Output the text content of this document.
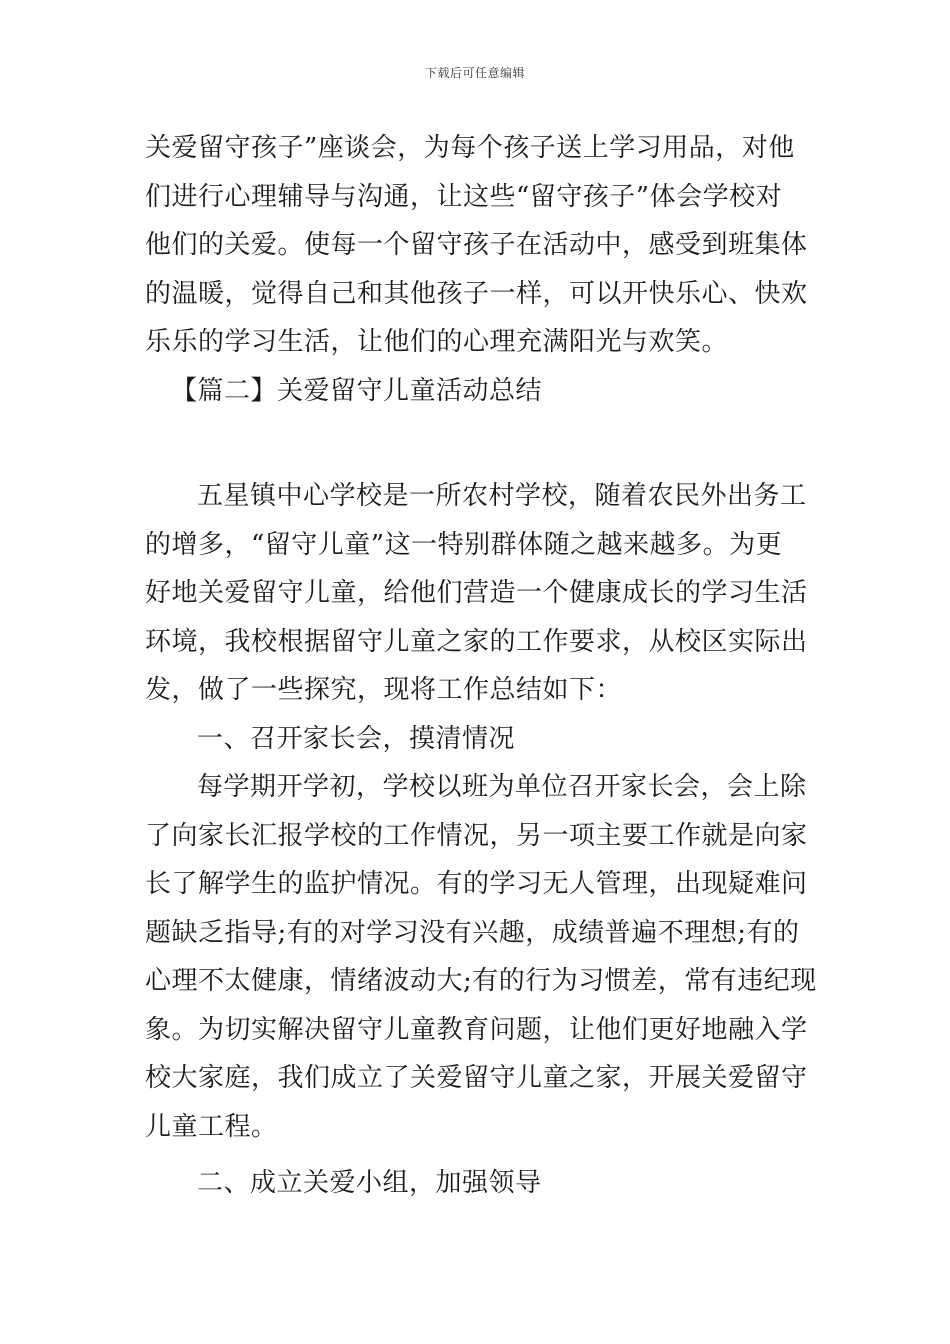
下载后可任意编辑
关爱留守孩子”座谈会，为每个孩子送上学习用品，对他
们进行心理辅导与沟通，让这些“留守孩子”体会学校对
他们的关爱。使每一个留守孩子在活动中，感受到班集体
的温暖，觉得自己和其他孩子一样，可以开快乐心、快欢
乐乐的学习生活，让他们的心理充满阳光与欢笑。
【篇二】关爱留守儿童活动总结
五星镇中心学校是一所农村学校，随着农民外出务工
的增多，“留守儿童”这一特别群体随之越来越多。为更
好地关爱留守儿童，给他们营造一个健康成长的学习生活
环境，我校根据留守儿童之家的工作要求，从校区实际出
发，做了一些探究，现将工作总结如下：
一、召开家长会，摸清情况
每学期开学初，学校以班为单位召开家长会，会上除
了向家长汇报学校的工作情况，另一项主要工作就是向家
长了解学生的监护情况。有的学习无人管理，出现疑难问
题缺乏指导;有的对学习没有兴趣，成绩普遍不理想;有的
心理不太健康，情绪波动大;有的行为习惯差，常有违纪现
象。为切实解决留守儿童教育问题，让他们更好地融入学
校大家庭，我们成立了关爱留守儿童之家，开展关爱留守
儿童工程。
二、成立关爱小组，加强领导
